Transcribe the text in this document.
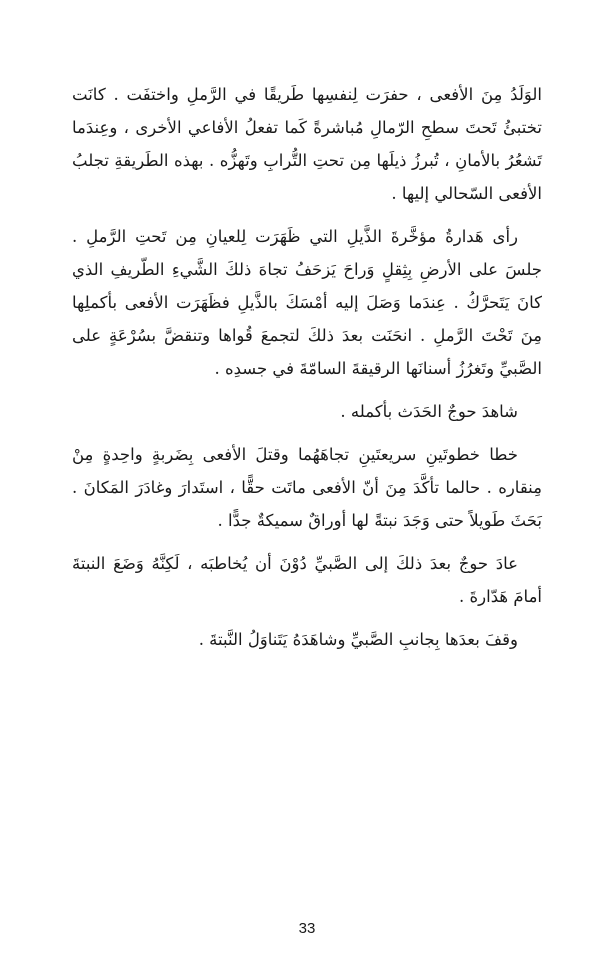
الوَلَدُ مِنَ الأفعى ، حفرَت لِنفسِها طَريقًا في الرَّملِ واختفَت . كانَت تختبئُ تَحتَ سطحِ الرّمالِ مُباشرةً كَما تفعلُ الأفاعي الأخرى ، وعِندَما تَشعُرُ بالأمانِ ، تُبرزُ ذيلَها مِن تحتِ التُّرابِ وتَهزُّه . بهذه الطَريقةِ تجلبُ الأفعى السّحالي إليها .

رأى هَدارةُ مؤخَّرةَ الذَّيلِ التي ظَهَرَت لِلعيانِ مِن تَحتِ الرَّملِ . جلسَ على الأرضِ بِثِقلٍ وَراحَ يَزحَفُ تجاهَ ذلكَ الشَّيءِ الطّريفِ الذي كانَ يَتَحرَّكُ . عِندَما وَصَلَ إليه أمْسَكَ بالذَّيلِ فظَهَرَت الأفعى بأكملِها مِنَ تَحْتَ الرَّملِ . انحَنَت بعدَ ذلكَ لتجمعَ قُواها وتنقضَّ بسُرْعَةٍ على الصَّبيِّ وتَغرُزُ أسنانَها الرقيقةَ السامّةَ في جسدِه .

شاهدَ حوجٌ الحَدَث بأكمله .

خطا خطوتَينِ سريعتَينِ تجاهَهُما وقتلَ الأفعى بِضَربةٍ واحِدةٍ مِنْ مِنقاره . حالما تأكَّدَ مِنَ أنّ الأفعى ماتَت حقًّا ، استَدارَ وغادَرَ المَكانَ . بَحَثَ طَويلاً حتى وَجَدَ نبتةً لها أوراقٌ سميكةٌ جدًّا .

عادَ حوجٌ بعدَ ذلكَ إلى الصَّبيِّ دُوْنَ أن يُخاطبَه ، لَكِنَّهُ وَضَعَ النبتةَ أمامَ هَدّارةَ .

وقفَ بعدَها بِجانبِ الصَّبيِّ وشاهَدَهُ يَتَناوَلُ النَّبتةَ .

33
